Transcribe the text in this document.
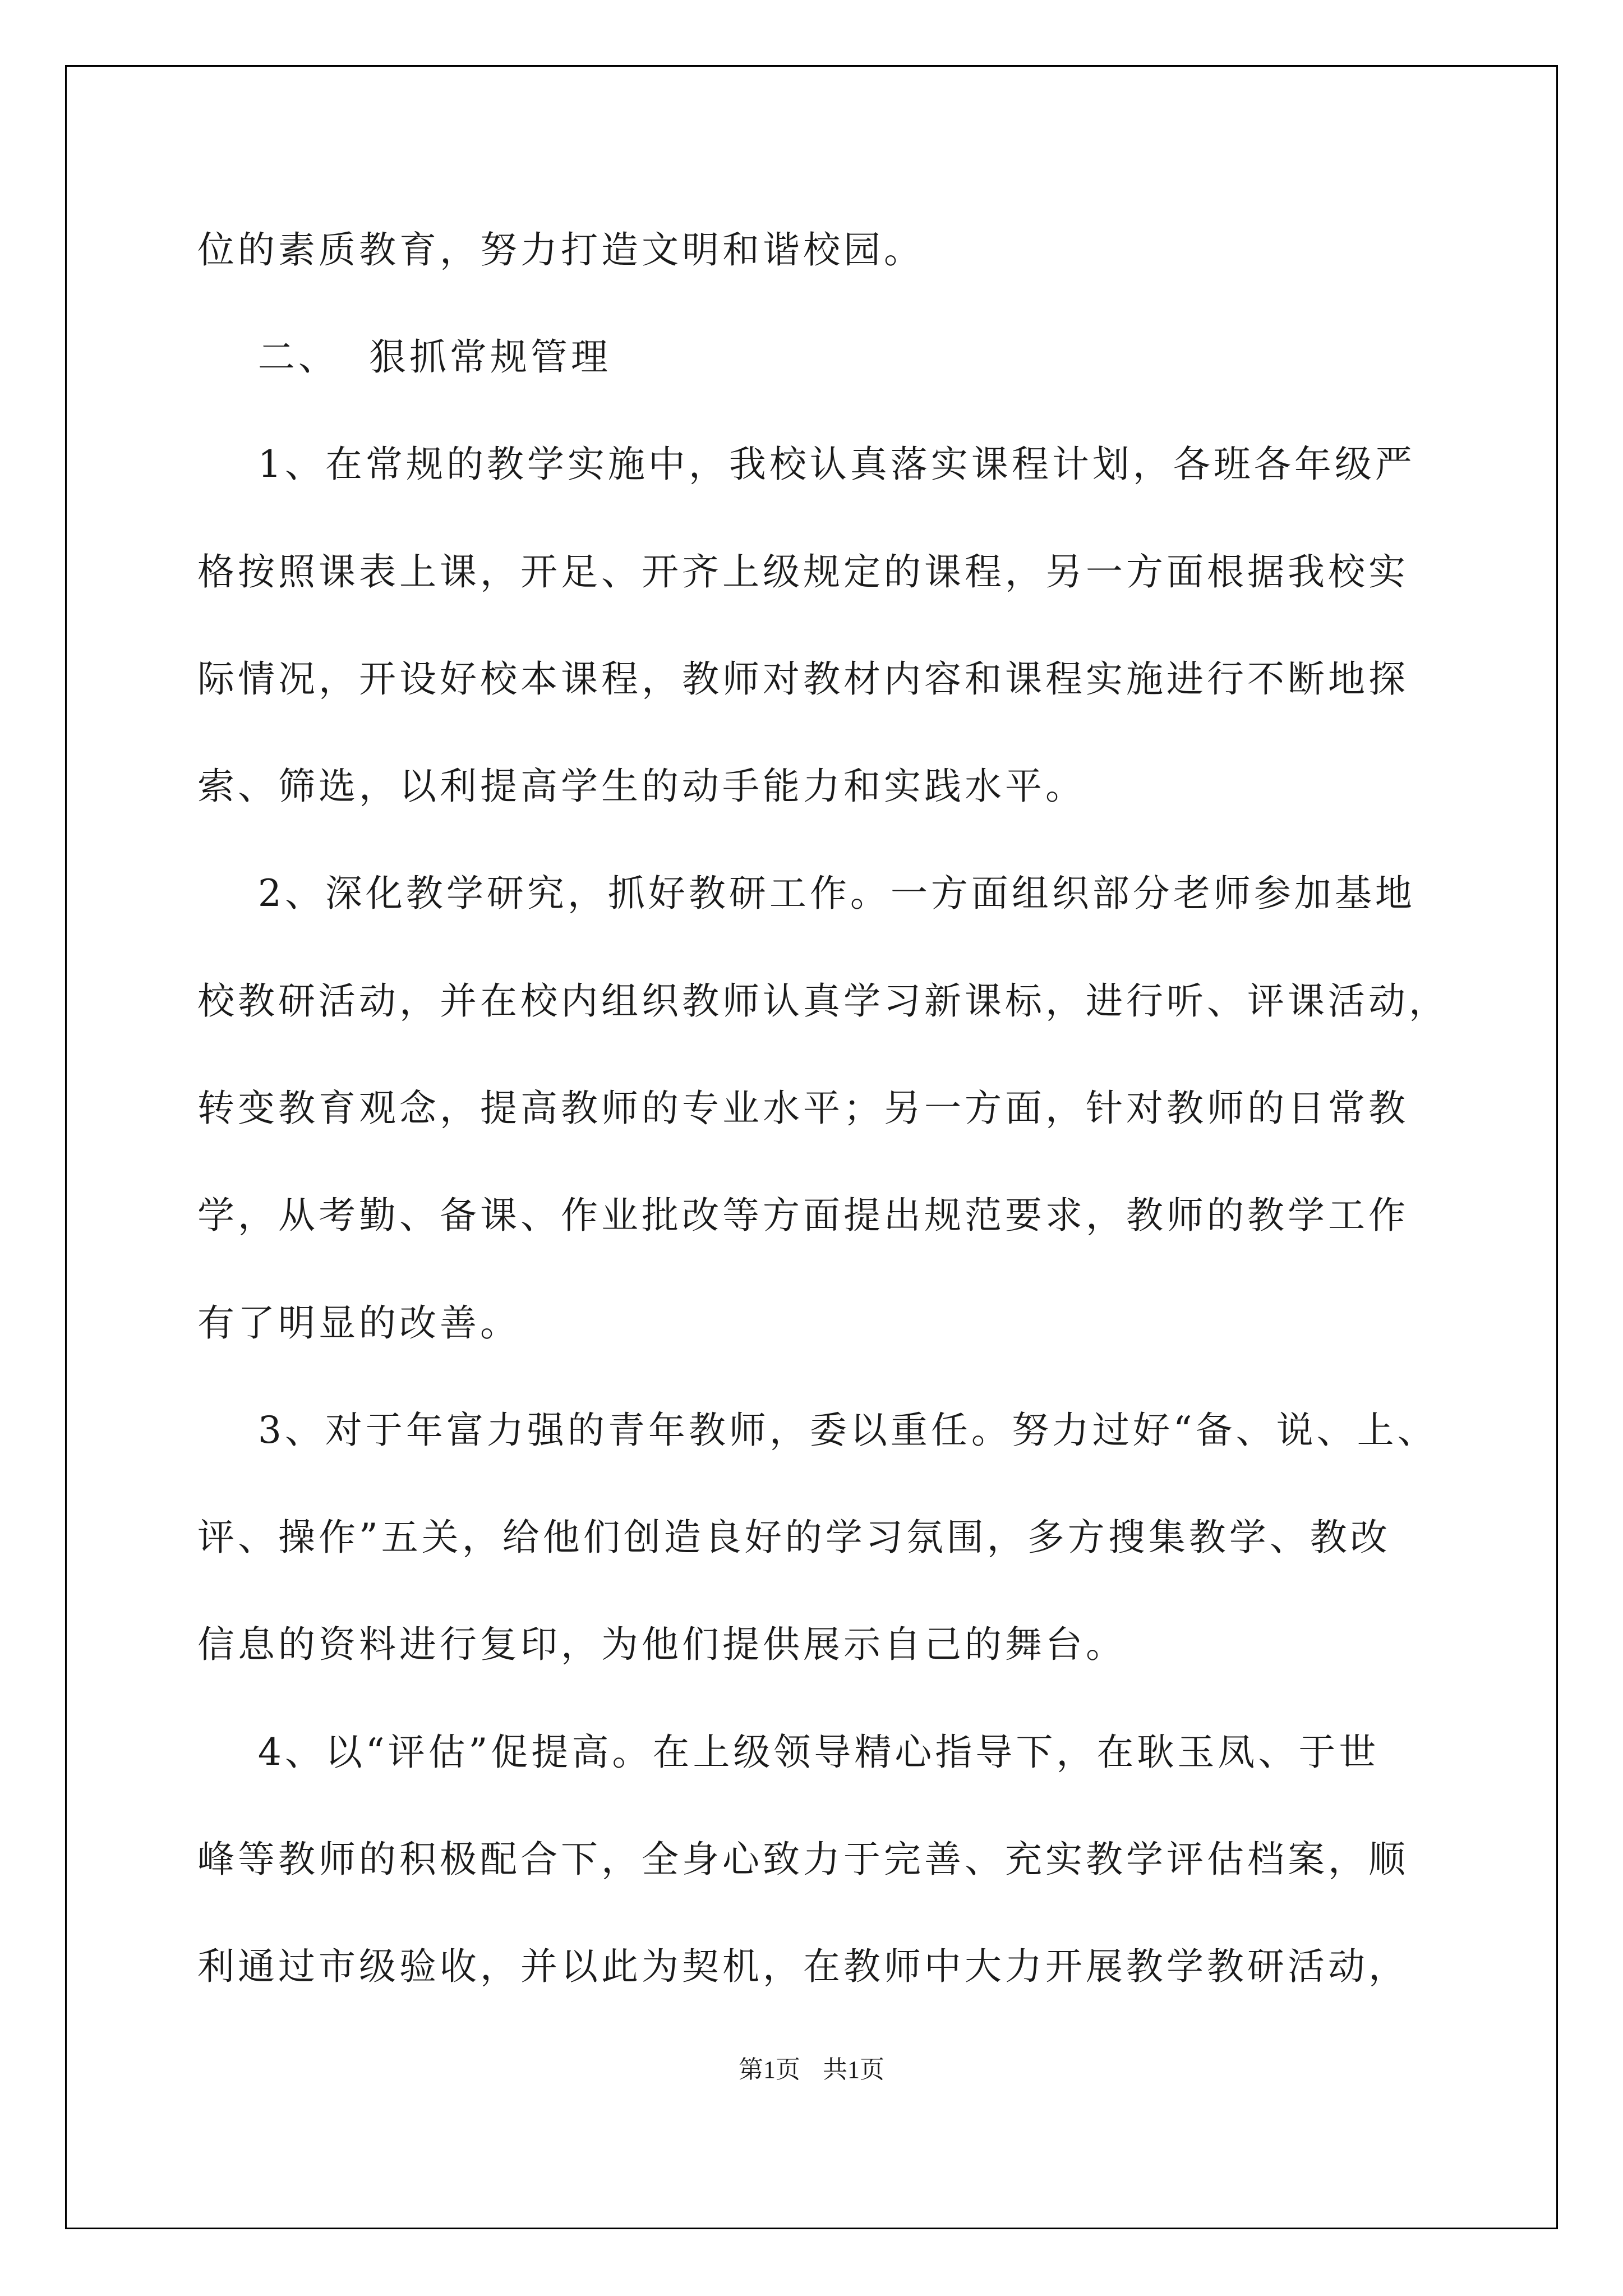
位的素质教育，努力打造文明和谐校园。
二、  狠抓常规管理
1、在常规的教学实施中，我校认真落实课程计划，各班各年级严
格按照课表上课，开足、开齐上级规定的课程，另一方面根据我校实
际情况，开设好校本课程，教师对教材内容和课程实施进行不断地探
索、筛选，以利提高学生的动手能力和实践水平。
2、深化教学研究，抓好教研工作。一方面组织部分老师参加基地
校教研活动，并在校内组织教师认真学习新课标，进行听、评课活动，
转变教育观念，提高教师的专业水平；另一方面，针对教师的日常教
学，从考勤、备课、作业批改等方面提出规范要求，教师的教学工作
有了明显的改善。
3、对于年富力强的青年教师，委以重任。努力过好“备、说、上、
评、操作”五关，给他们创造良好的学习氛围，多方搜集教学、教改
信息的资料进行复印，为他们提供展示自己的舞台。
4、以“评估”促提高。在上级领导精心指导下，在耿玉凤、于世
峰等教师的积极配合下，全身心致力于完善、充实教学评估档案，顺
利通过市级验收，并以此为契机，在教师中大力开展教学教研活动，
第1页 共1页
